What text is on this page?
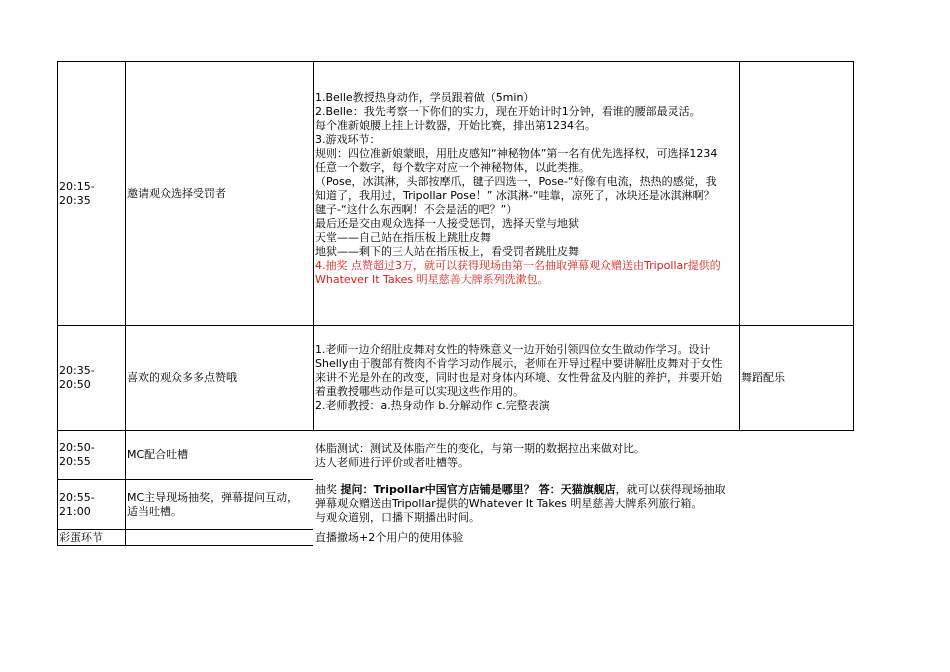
20:15-20:35
邀请观众选择受罚者

1.Belle教授热身动作，学员跟着做（5min）

2.Belle：我先考察一下你们的实力，现在开始计时1分钟，看谁的腰部最灵活。

每个准新娘腰上挂上计数器，开始比赛，排出第1234名。

3.游戏环节：

规则：四位准新娘蒙眼，用肚皮感知“神秘物体”第一名有优先选择权，可选择1234

任意一个数字，每个数字对应一个神秘物体，以此类推。

（Pose，冰淇淋，头部按摩爪，毽子四选一，Pose-“好像有电流，热热的感觉，我

知道了，我用过，Tripollar Pose！” 冰淇淋-“哇靠，凉死了，冰块还是冰淇淋啊？

毽子-“这什么东西啊！不会是活的吧？”）

最后还是交由观众选择一人接受惩罚，选择天堂与地狱

天堂——自己站在指压板上跳肚皮舞

地狱——剩下的三人站在指压板上，看受罚者跳肚皮舞

4.抽奖 点赞超过3万，就可以获得现场由第一名抽取弹幕观众赠送由Tripollar提供的

Whatever It Takes 明星慈善大牌系列洗漱包。

20:35-20:50
喜欢的观众多多点赞哦

1.老师一边介绍肚皮舞对女性的特殊意义一边开始引领四位女生做动作学习。设计

Shelly由于腹部有赘肉不肯学习动作展示，老师在开导过程中要讲解肚皮舞对于女性

来讲不光是外在的改变，同时也是对身体内环境、女性骨盆及内脏的养护，并要开始

着重教授哪些动作是可以实现这些作用的。

2.老师教授：a.热身动作 b.分解动作 c.完整表演

舞蹈配乐
20:50-20:55
MC配合吐槽	体脂测试：测试及体脂产生的变化，与第一期的数据拉出来做对比。

达人老师进行评价或者吐槽等。

20:55-21:00

MC主导现场抽奖，弹幕提问互动，

适当吐槽。

抽奖 提问：Tripollar中国官方店铺是哪里？ 答：天猫旗舰店，就可以获得现场抽取

弹幕观众赠送由Tripollar提供的Whatever It Takes 明星慈善大牌系列旅行箱。

与观众道别，口播下期播出时间。

彩蛋环节	直播撤场+2个用户的使用体验
